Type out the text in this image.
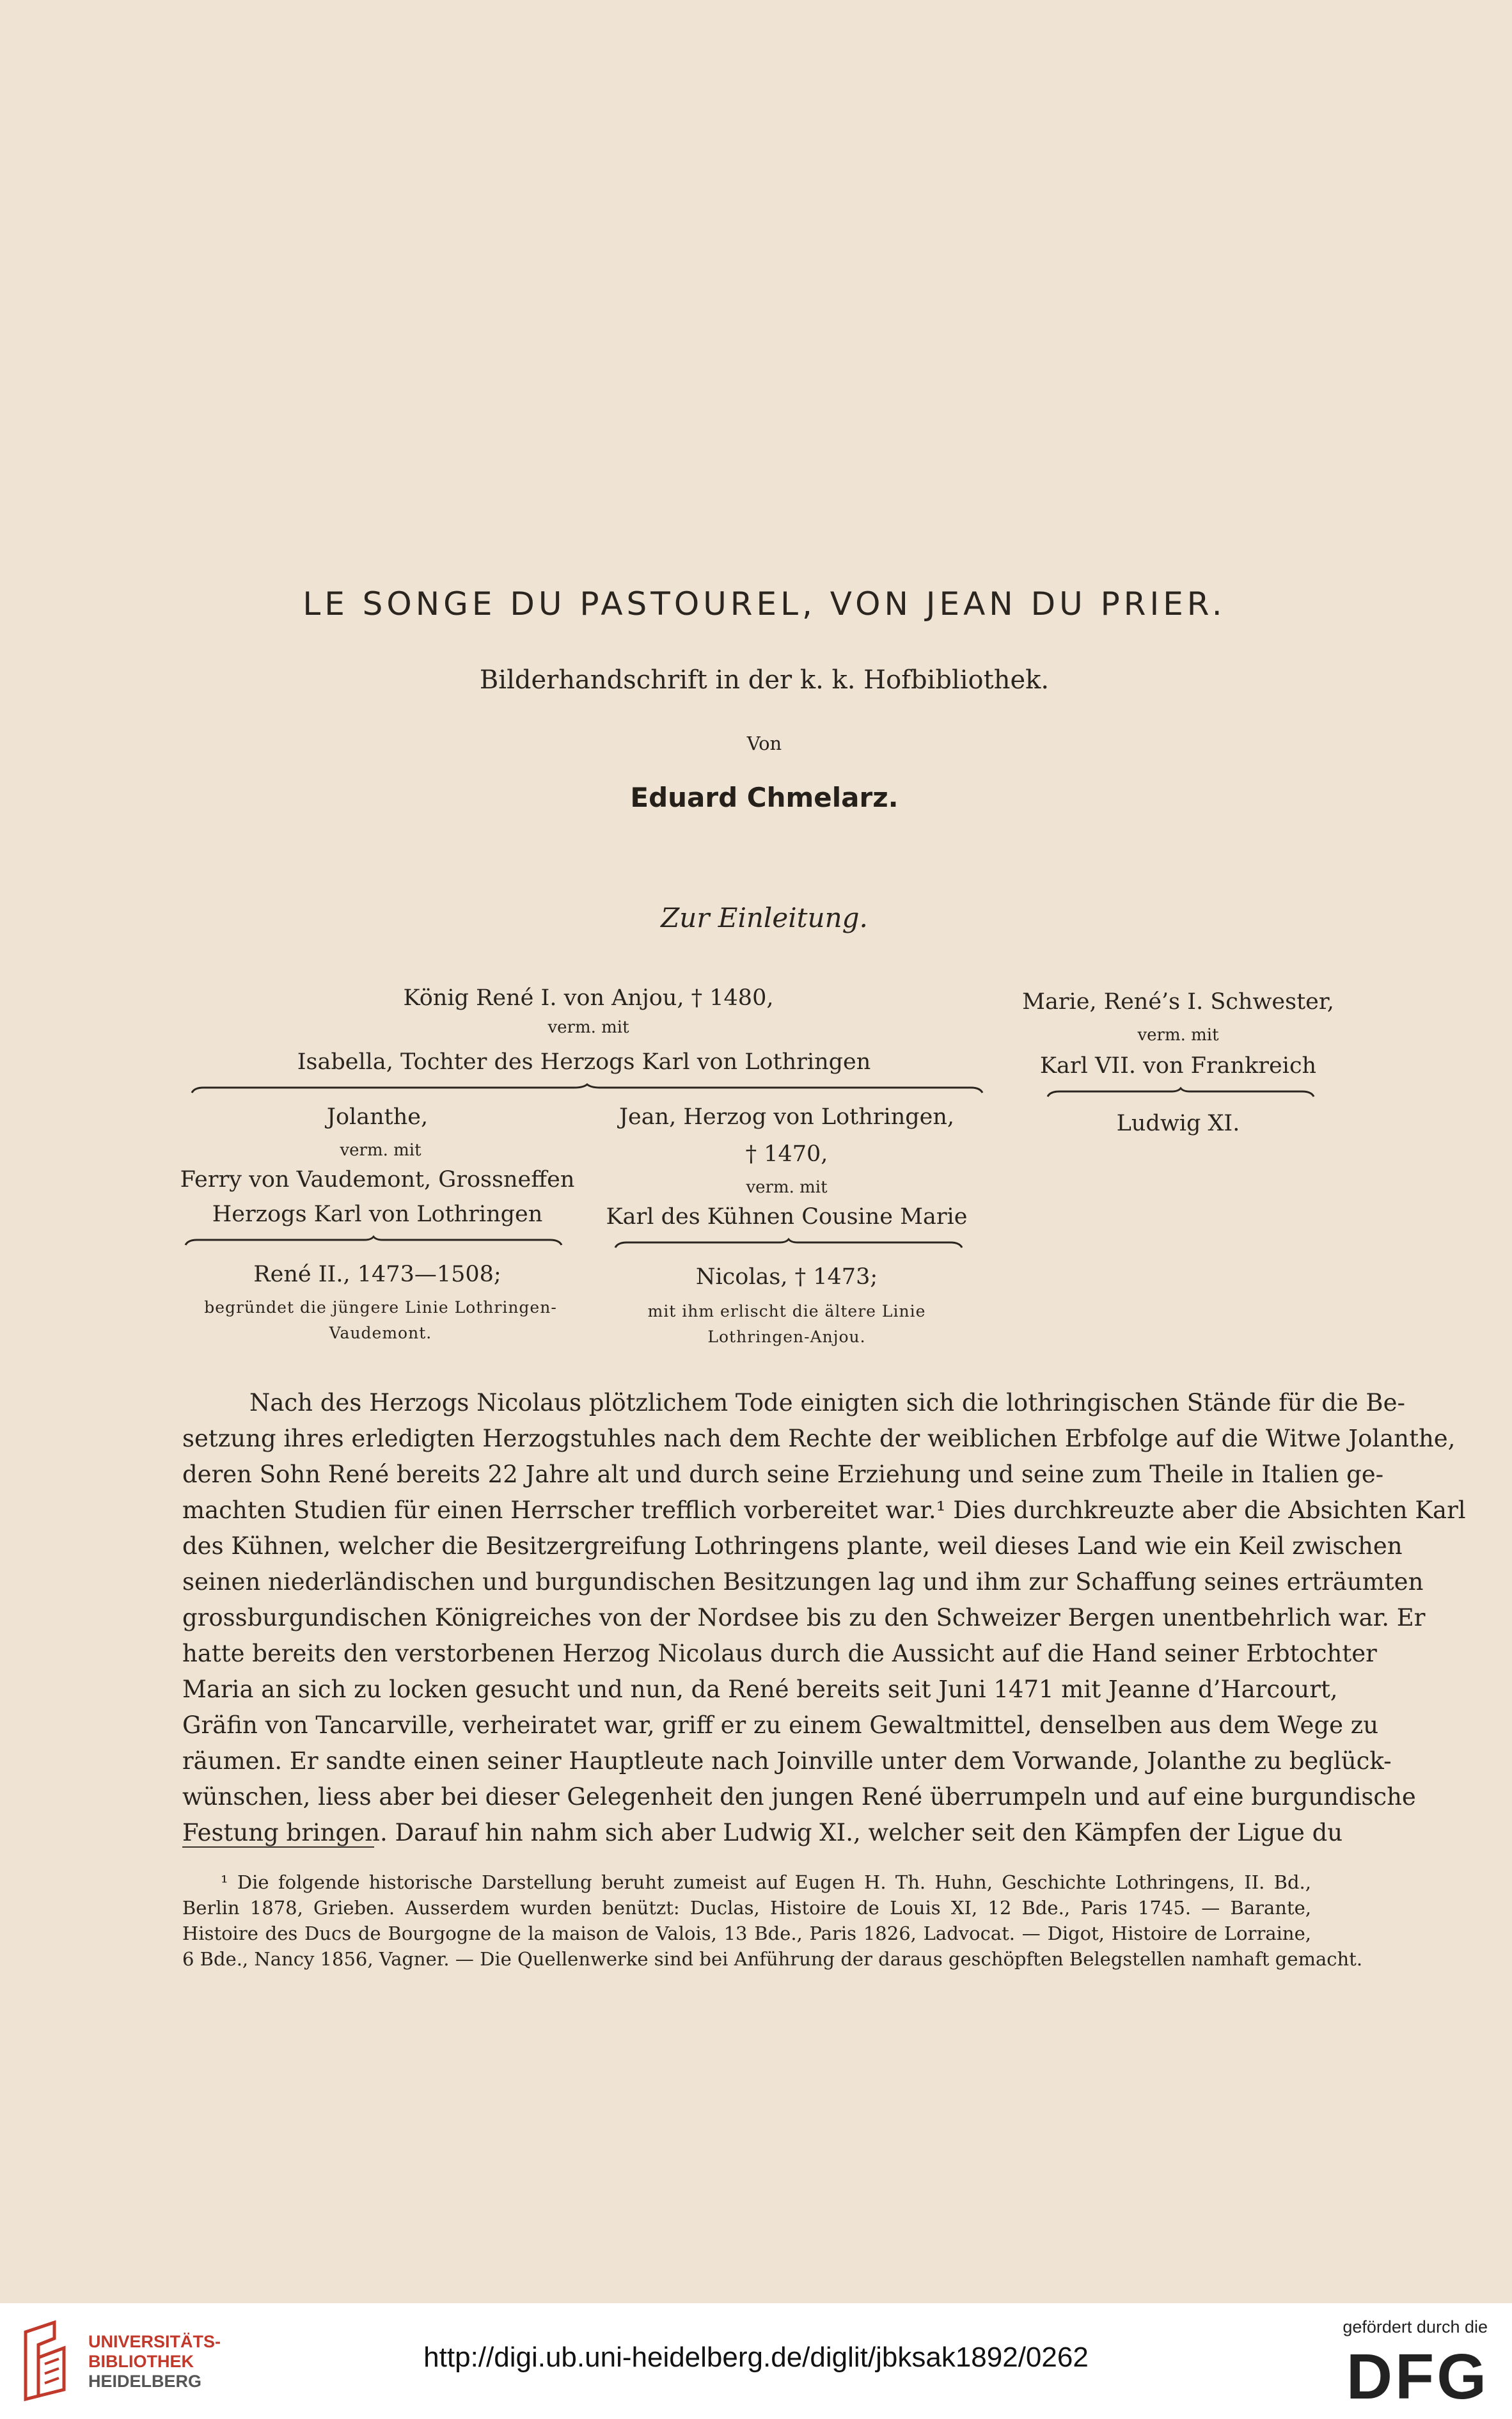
LE SONGE DU PASTOUREL, VON JEAN DU PRIER.
Bilderhandschrift in der k. k. Hofbibliothek.
Von
Eduard Chmelarz.
Zur Einleitung.
König René I. von Anjou, † 1480,
verm. mit
Isabella, Tochter des Herzogs Karl von Lothringen
Marie, René’s I. Schwester,
verm. mit
Karl VII. von Frankreich
Ludwig XI.
Jolanthe,
verm. mit
Ferry von Vaudemont, Grossneffen
Herzogs Karl von Lothringen
Jean, Herzog von Lothringen,
† 1470,
verm. mit
Karl des Kühnen Cousine Marie
René II., 1473—1508;
begründet die jüngere Linie Lothringen-
Vaudemont.
Nicolas, † 1473;
mit ihm erlischt die ältere Linie
Lothringen-Anjou.
Nach des Herzogs Nicolaus plötzlichem Tode einigten sich die lothringischen Stände für die Be-
setzung ihres erledigten Herzogstuhles nach dem Rechte der weiblichen Erbfolge auf die Witwe Jolanthe,
deren Sohn René bereits 22 Jahre alt und durch seine Erziehung und seine zum Theile in Italien ge-
machten Studien für einen Herrscher trefflich vorbereitet war.¹ Dies durchkreuzte aber die Absichten Karl
des Kühnen, welcher die Besitzergreifung Lothringens plante, weil dieses Land wie ein Keil zwischen
seinen niederländischen und burgundischen Besitzungen lag und ihm zur Schaffung seines erträumten
grossburgundischen Königreiches von der Nordsee bis zu den Schweizer Bergen unentbehrlich war. Er
hatte bereits den verstorbenen Herzog Nicolaus durch die Aussicht auf die Hand seiner Erbtochter
Maria an sich zu locken gesucht und nun, da René bereits seit Juni 1471 mit Jeanne d’Harcourt,
Gräfin von Tancarville, verheiratet war, griff er zu einem Gewaltmittel, denselben aus dem Wege zu
räumen. Er sandte einen seiner Hauptleute nach Joinville unter dem Vorwande, Jolanthe zu beglück-
wünschen, liess aber bei dieser Gelegenheit den jungen René überrumpeln und auf eine burgundische
Festung bringen. Darauf hin nahm sich aber Ludwig XI., welcher seit den Kämpfen der Ligue du
¹ Die folgende historische Darstellung beruht zumeist auf Eugen H. Th. Huhn, Geschichte Lothringens, II. Bd.,
Berlin 1878, Grieben. Ausserdem wurden benützt: Duclas, Histoire de Louis XI, 12 Bde., Paris 1745. — Barante,
Histoire des Ducs de Bourgogne de la maison de Valois, 13 Bde., Paris 1826, Ladvocat. — Digot, Histoire de Lorraine,
6 Bde., Nancy 1856, Vagner. — Die Quellenwerke sind bei Anführung der daraus geschöpften Belegstellen namhaft gemacht.
UNIVERSITÄTS-
BIBLIOTHEK
HEIDELBERG
http://digi.ub.uni-heidelberg.de/diglit/jbksak1892/0262
gefördert durch die
DFG
